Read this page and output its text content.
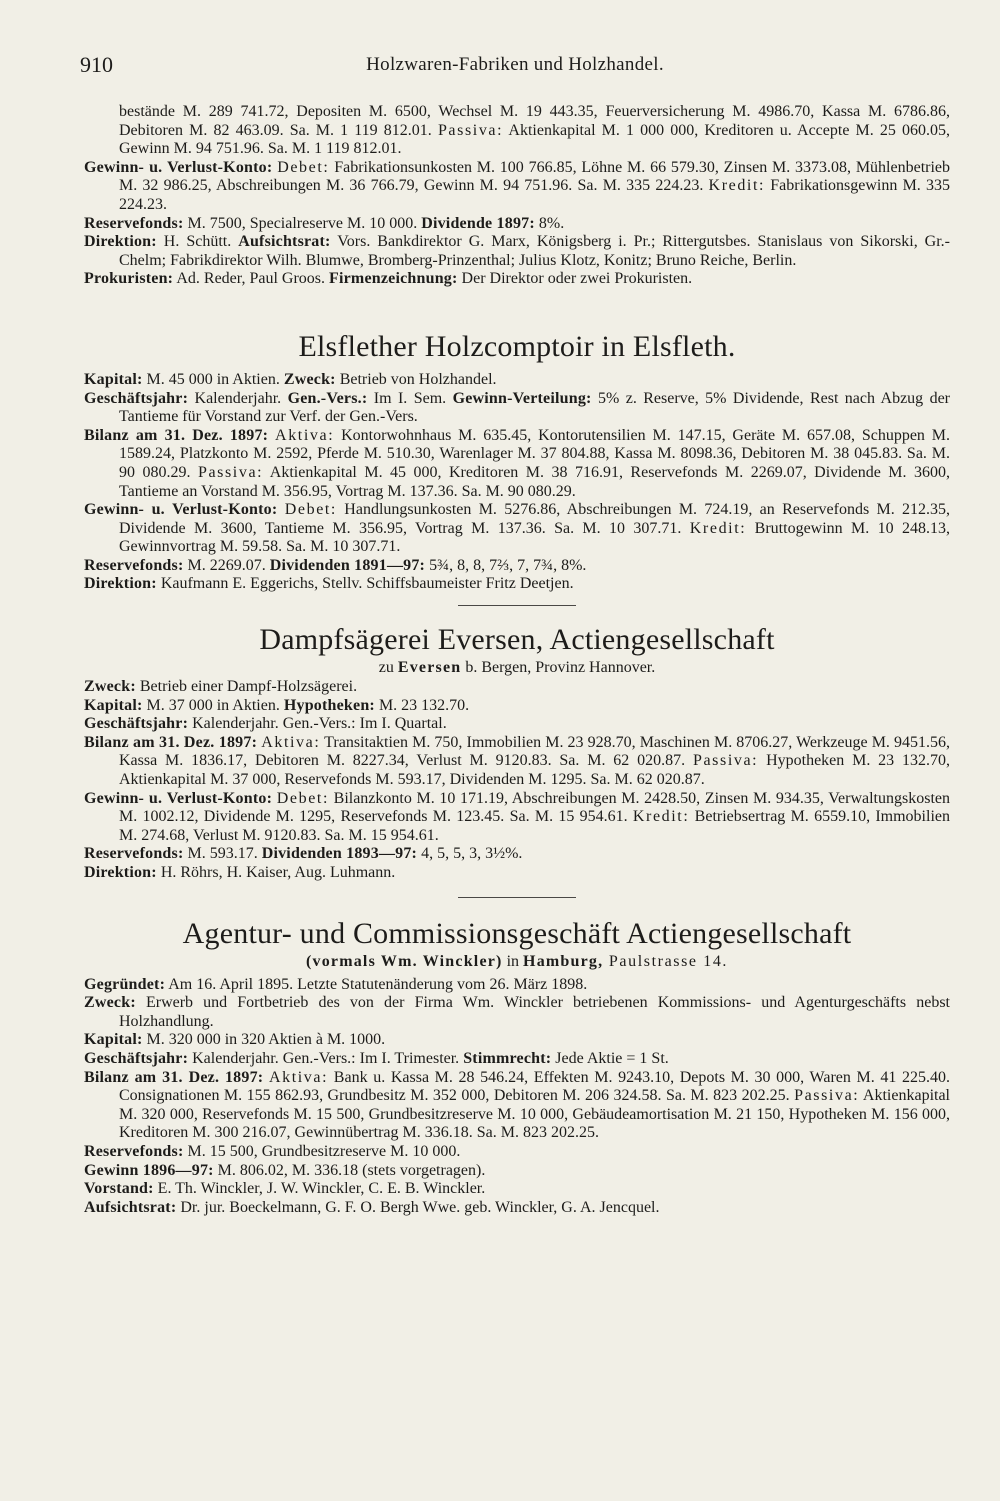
910	Holzwaren-Fabriken und Holzhandel.

bestände M. 289 741.72, Depositen M. 6500, Wechsel M. 19 443.35, Feuerversicherung M. 4986.70, Kassa M. 6786.86, Debitoren M. 82 463.09. Sa. M. 1 119 812.01. Passiva: Aktienkapital M. 1 000 000, Kreditoren u. Accepte M. 25 060.05, Gewinn M. 94 751.96. Sa. M. 1 119 812.01.

Gewinn- u. Verlust-Konto: Debet: Fabrikationsunkosten M. 100 766.85, Löhne M. 66 579.30, Zinsen M. 3373.08, Mühlenbetrieb M. 32 986.25, Abschreibungen M. 36 766.79, Gewinn M. 94 751.96. Sa. M. 335 224.23. Kredit: Fabrikationsgewinn M. 335 224.23.

Reservefonds: M. 7500, Specialreserve M. 10 000. Dividende 1897: 8%.

Direktion: H. Schütt. Aufsichtsrat: Vors. Bankdirektor G. Marx, Königsberg i. Pr.; Rittergutsbes. Stanislaus von Sikorski, Gr.-Chelm; Fabrikdirektor Wilh. Blumwe, Bromberg-Prinzenthal; Julius Klotz, Konitz; Bruno Reiche, Berlin.

Prokuristen: Ad. Reder, Paul Groos. Firmenzeichnung: Der Direktor oder zwei Prokuristen.

Elsflether Holzcomptoir in Elsfleth.

Kapital: M. 45 000 in Aktien. Zweck: Betrieb von Holzhandel.

Geschäftsjahr: Kalenderjahr. Gen.-Vers.: Im I. Sem. Gewinn-Verteilung: 5% z. Reserve, 5% Dividende, Rest nach Abzug der Tantieme für Vorstand zur Verf. der Gen.-Vers.

Bilanz am 31. Dez. 1897: Aktiva: Kontorwohnhaus M. 635.45, Kontorutensilien M. 147.15, Geräte M. 657.08, Schuppen M. 1589.24, Platzkonto M. 2592, Pferde M. 510.30, Warenlager M. 37 804.88, Kassa M. 8098.36, Debitoren M. 38 045.83. Sa. M. 90 080.29. Passiva: Aktienkapital M. 45 000, Kreditoren M. 38 716.91, Reservefonds M. 2269.07, Dividende M. 3600, Tantieme an Vorstand M. 356.95, Vortrag M. 137.36. Sa. M. 90 080.29.

Gewinn- u. Verlust-Konto: Debet: Handlungsunkosten M. 5276.86, Abschreibungen M. 724.19, an Reservefonds M. 212.35, Dividende M. 3600, Tantieme M. 356.95, Vortrag M. 137.36. Sa. M. 10 307.71. Kredit: Bruttogewinn M. 10 248.13, Gewinnvortrag M. 59.58. Sa. M. 10 307.71.

Reservefonds: M. 2269.07. Dividenden 1891—97: 5¾, 8, 8, 7⅔, 7, 7¾, 8%.

Direktion: Kaufmann E. Eggerichs, Stellv. Schiffsbaumeister Fritz Deetjen.

Dampfsägerei Eversen, Actiengesellschaft

zu Eversen b. Bergen, Provinz Hannover.

Zweck: Betrieb einer Dampf-Holzsägerei.

Kapital: M. 37 000 in Aktien. Hypotheken: M. 23 132.70.

Geschäftsjahr: Kalenderjahr. Gen.-Vers.: Im I. Quartal.

Bilanz am 31. Dez. 1897: Aktiva: Transitaktien M. 750, Immobilien M. 23 928.70, Maschinen M. 8706.27, Werkzeuge M. 9451.56, Kassa M. 1836.17, Debitoren M. 8227.34, Verlust M. 9120.83. Sa. M. 62 020.87. Passiva: Hypotheken M. 23 132.70, Aktienkapital M. 37 000, Reservefonds M. 593.17, Dividenden M. 1295. Sa. M. 62 020.87.

Gewinn- u. Verlust-Konto: Debet: Bilanzkonto M. 10 171.19, Abschreibungen M. 2428.50, Zinsen M. 934.35, Verwaltungskosten M. 1002.12, Dividende M. 1295, Reservefonds M. 123.45. Sa. M. 15 954.61. Kredit: Betriebsertrag M. 6559.10, Immobilien M. 274.68, Verlust M. 9120.83. Sa. M. 15 954.61.

Reservefonds: M. 593.17. Dividenden 1893—97: 4, 5, 5, 3, 3½%.

Direktion: H. Röhrs, H. Kaiser, Aug. Luhmann.

Agentur- und Commissionsgeschäft Actiengesellschaft

(vormals Wm. Winckler) in Hamburg, Paulstrasse 14.

Gegründet: Am 16. April 1895. Letzte Statutenänderung vom 26. März 1898.

Zweck: Erwerb und Fortbetrieb des von der Firma Wm. Winckler betriebenen Kommissions- und Agenturgeschäfts nebst Holzhandlung.

Kapital: M. 320 000 in 320 Aktien à M. 1000.

Geschäftsjahr: Kalenderjahr. Gen.-Vers.: Im I. Trimester. Stimmrecht: Jede Aktie = 1 St.

Bilanz am 31. Dez. 1897: Aktiva: Bank u. Kassa M. 28 546.24, Effekten M. 9243.10, Depots M. 30 000, Waren M. 41 225.40. Consignationen M. 155 862.93, Grundbesitz M. 352 000, Debitoren M. 206 324.58. Sa. M. 823 202.25. Passiva: Aktienkapital M. 320 000, Reservefonds M. 15 500, Grundbesitzreserve M. 10 000, Gebäudeamortisation M. 21 150, Hypotheken M. 156 000, Kreditoren M. 300 216.07, Gewinnübertrag M. 336.18. Sa. M. 823 202.25.

Reservefonds: M. 15 500, Grundbesitzreserve M. 10 000.

Gewinn 1896—97: M. 806.02, M. 336.18 (stets vorgetragen).

Vorstand: E. Th. Winckler, J. W. Winckler, C. E. B. Winckler.

Aufsichtsrat: Dr. jur. Boeckelmann, G. F. O. Bergh Wwe. geb. Winckler, G. A. Jencquel.
